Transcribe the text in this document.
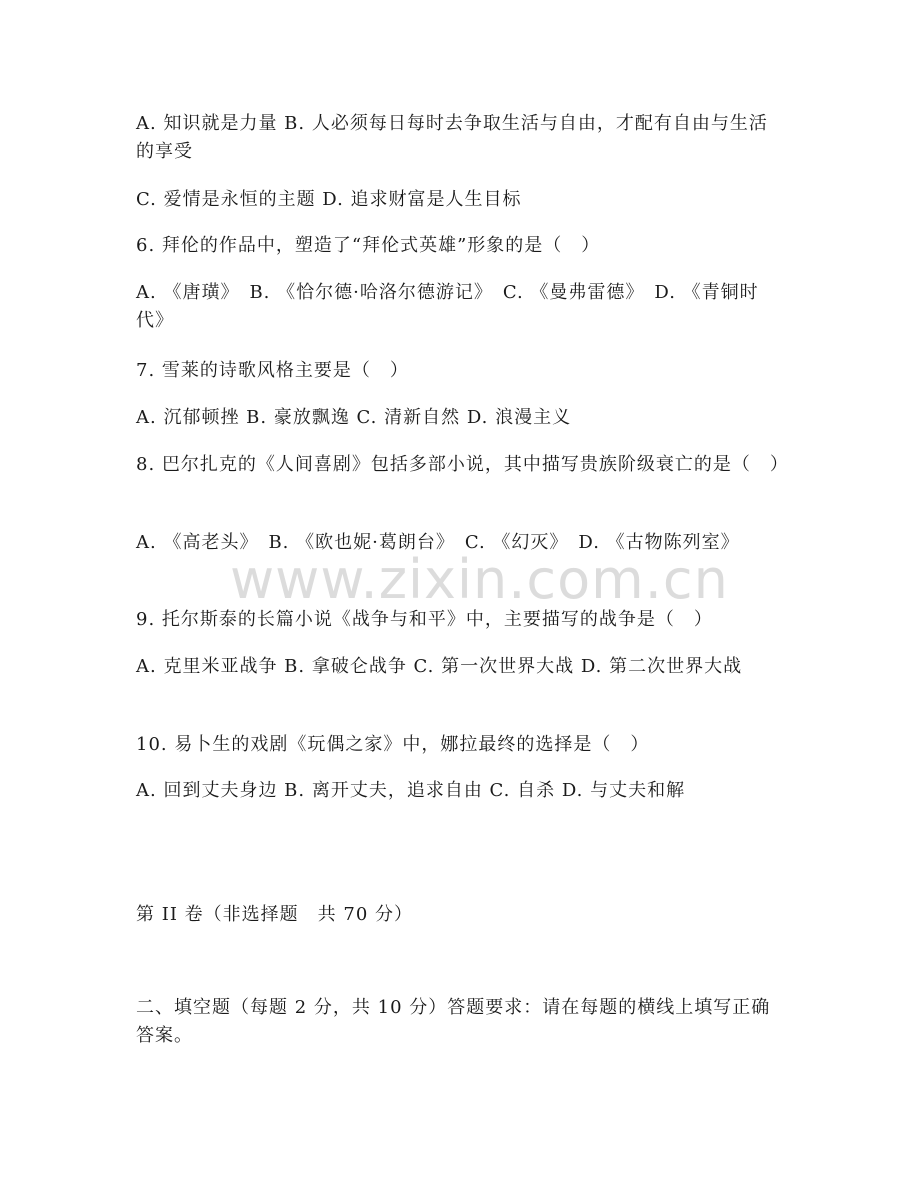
www.zixin.com.cn
A. 知识就是力量 B. 人必须每日每时去争取生活与自由，才配有自由与生活的享受
C. 爱情是永恒的主题 D. 追求财富是人生目标
6. 拜伦的作品中，塑造了“拜伦式英雄”形象的是（　）
A. 《唐璜》　B. 《恰尔德·哈洛尔德游记》　C. 《曼弗雷德》　D. 《青铜时代》
7. 雪莱的诗歌风格主要是（　）
A. 沉郁顿挫 B. 豪放飘逸 C. 清新自然 D. 浪漫主义
8. 巴尔扎克的《人间喜剧》包括多部小说，其中描写贵族阶级衰亡的是（　）
A. 《高老头》　B. 《欧也妮·葛朗台》　C. 《幻灭》　D. 《古物陈列室》
9. 托尔斯泰的长篇小说《战争与和平》中，主要描写的战争是（　）
A. 克里米亚战争 B. 拿破仑战争 C. 第一次世界大战 D. 第二次世界大战
10. 易卜生的戏剧《玩偶之家》中，娜拉最终的选择是（　）
A. 回到丈夫身边 B. 离开丈夫，追求自由 C. 自杀 D. 与丈夫和解
第 II 卷（非选择题　共 70 分）
二、填空题（每题 2 分，共 10 分）答题要求：请在每题的横线上填写正确答案。
